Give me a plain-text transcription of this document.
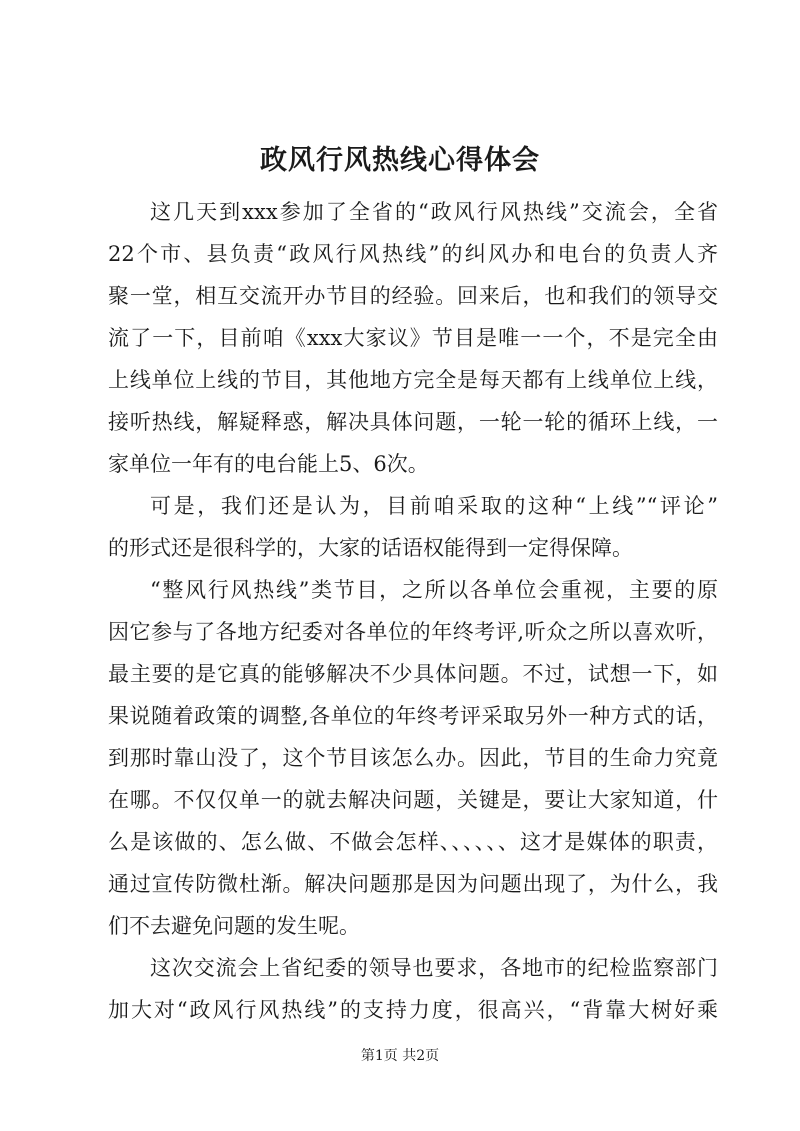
政风行风热线心得体会
这几天到xxx参加了全省的“政风行风热线”交流会，全省
22个市、县负责“政风行风热线”的纠风办和电台的负责人齐
聚一堂，相互交流开办节目的经验。回来后，也和我们的领导交
流了一下，目前咱《xxx大家议》节目是唯一一个，不是完全由
上线单位上线的节目，其他地方完全是每天都有上线单位上线，
接听热线，解疑释惑，解决具体问题，一轮一轮的循环上线，一
家单位一年有的电台能上5、6次。
可是，我们还是认为，目前咱采取的这种“上线”“评论”
的形式还是很科学的，大家的话语权能得到一定得保障。
“整风行风热线”类节目，之所以各单位会重视，主要的原
因它参与了各地方纪委对各单位的年终考评,听众之所以喜欢听，
最主要的是它真的能够解决不少具体问题。不过，试想一下，如
果说随着政策的调整,各单位的年终考评采取另外一种方式的话，
到那时靠山没了，这个节目该怎么办。因此，节目的生命力究竟
在哪。不仅仅单一的就去解决问题，关键是，要让大家知道，什
么是该做的、怎么做、不做会怎样、、、、、、这才是媒体的职责，
通过宣传防微杜渐。解决问题那是因为问题出现了，为什么，我
们不去避免问题的发生呢。
这次交流会上省纪委的领导也要求，各地市的纪检监察部门
加大对“政风行风热线”的支持力度，很高兴，“背靠大树好乘
第1页 共2页
